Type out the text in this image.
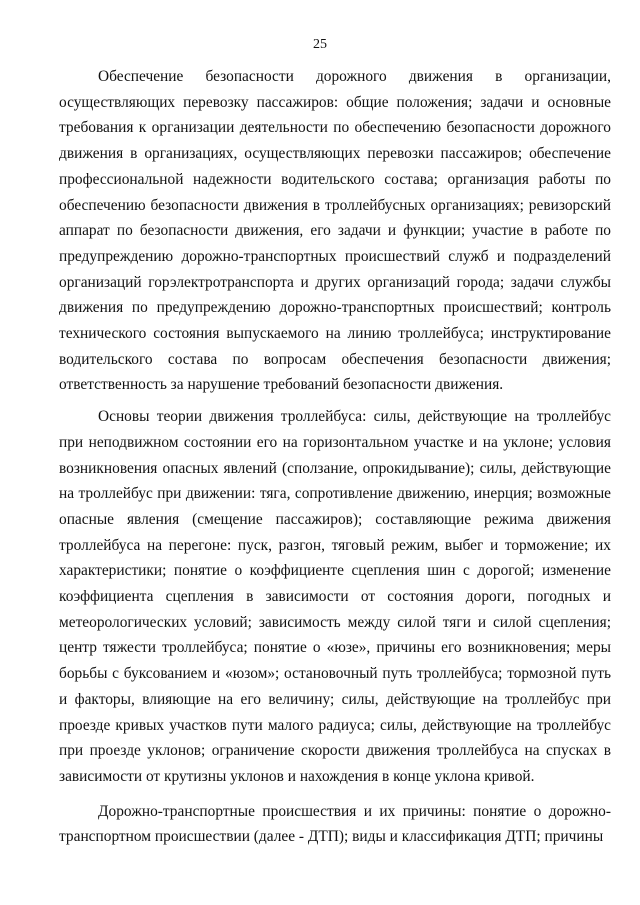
25

Обеспечение безопасности дорожного движения в организации, осуществляющих перевозку пассажиров: общие положения; задачи и основные требования к организации деятельности по обеспечению безопасности дорожного движения в организациях, осуществляющих перевозки пассажиров; обеспечение профессиональной надежности водительского состава; организация работы по обеспечению безопасности движения в троллейбусных организациях; ревизорский аппарат по безопасности движения, его задачи и функции; участие в работе по предупреждению дорожно-транспортных происшествий служб и подразделений организаций горэлектротранспорта и других организаций города; задачи службы движения по предупреждению дорожно-транспортных происшествий; контроль технического состояния выпускаемого на линию троллейбуса; инструктирование водительского состава по вопросам обеспечения безопасности движения; ответственность за нарушение требований безопасности движения.

Основы теории движения троллейбуса: силы, действующие на троллейбус при неподвижном состоянии его на горизонтальном участке и на уклоне; условия возникновения опасных явлений (сползание, опрокидывание); силы, действующие на троллейбус при движении: тяга, сопротивление движению, инерция; возможные опасные явления (смещение пассажиров); составляющие режима движения троллейбуса на перегоне: пуск, разгон, тяговый режим, выбег и торможение; их характеристики; понятие о коэффициенте сцепления шин с дорогой; изменение коэффициента сцепления в зависимости от состояния дороги, погодных и метеорологических условий; зависимость между силой тяги и силой сцепления; центр тяжести троллейбуса; понятие о «юзе», причины его возникновения; меры борьбы с буксованием и «юзом»; остановочный путь троллейбуса; тормозной путь и факторы, влияющие на его величину; силы, действующие на троллейбус при проезде кривых участков пути малого радиуса; силы, действующие на троллейбус при проезде уклонов; ограничение скорости движения троллейбуса на спусках в зависимости от крутизны уклонов и нахождения в конце уклона кривой.

Дорожно-транспортные происшествия и их причины: понятие о дорожно-транспортном происшествии (далее - ДТП); виды и классификация ДТП; причины
